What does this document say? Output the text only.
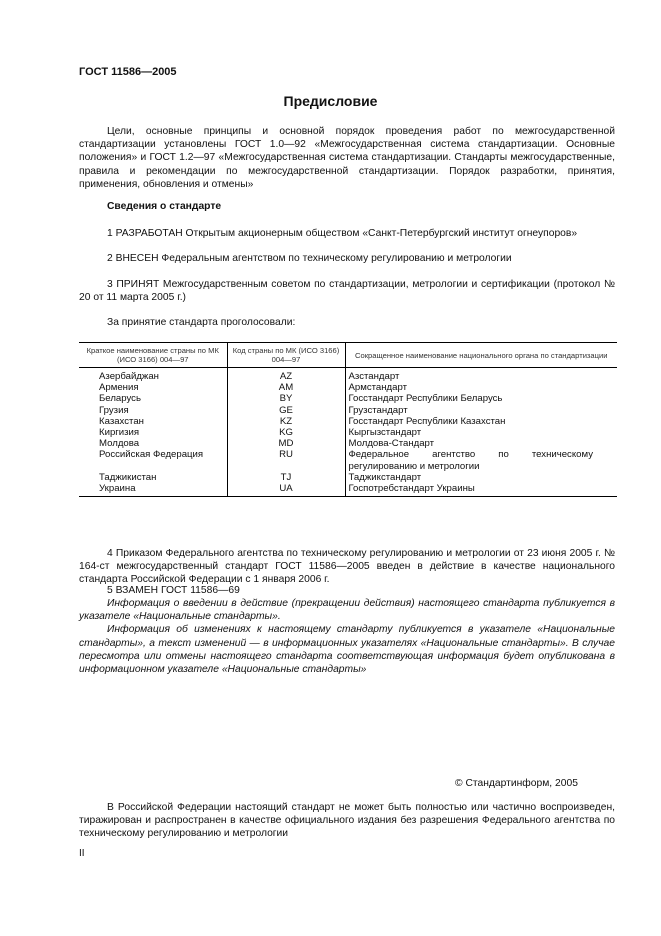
ГОСТ 11586—2005
Предисловие

Цели, основные принципы и основной порядок проведения работ по межгосударственной стандартизации установлены ГОСТ 1.0—92 «Межгосударственная система стандартизации. Основные положения» и ГОСТ 1.2—97 «Межгосударственная система стандартизации. Стандарты межгосударственные, правила и рекомендации по межгосударственной стандартизации. Порядок разработки, принятия, применения, обновления и отмены»

Сведения о стандарте

1 РАЗРАБОТАН Открытым акционерным обществом «Санкт-Петербургский институт огнеупоров»

2 ВНЕСЕН Федеральным агентством по техническому регулированию и метрологии

3 ПРИНЯТ Межгосударственным советом по стандартизации, метрологии и сертификации (протокол № 20 от 11 марта 2005 г.)

За принятие стандарта проголосовали:
Краткое наименование страны по МК (ИСО 3166) 004—97	Код страны по МК (ИСО 3166) 004—97	Сокращенное наименование национального органа по стандартизации
Азербайджан	AZ	Азстандарт
Армения	AM	Армстандарт
Беларусь	BY	Госстандарт Республики Беларусь
Грузия	GE	Грузстандарт
Казахстан	KZ	Госстандарт Республики Казахстан
Киргизия	KG	Кыргызстандарт
Молдова	MD	Молдова-Стандарт
Российская Федерация	RU	Федеральное агентство по техническому регулированию и метрологии
Таджикистан	TJ	Таджикстандарт
Украина	UA	Госпотребстандарт Украины

4 Приказом Федерального агентства по техническому регулированию и метрологии от 23 июня 2005 г. № 164-ст межгосударственный стандарт ГОСТ 11586—2005 введен в действие в качестве национального стандарта Российской Федерации с 1 января 2006 г.

5 ВЗАМЕН ГОСТ 11586—69

Информация о введении в действие (прекращении действия) настоящего стандарта публикуется в указателе «Национальные стандарты».

Информация об изменениях к настоящему стандарту публикуется в указателе «Национальные стандарты», а текст изменений — в информационных указателях «Национальные стандарты». В случае пересмотра или отмены настоящего стандарта соответствующая информация будет опубликована в информационном указателе «Национальные стандарты»

© Стандартинформ, 2005

В Российской Федерации настоящий стандарт не может быть полностью или частично воспроизведен, тиражирован и распространен в качестве официального издания без разрешения Федерального агентства по техническому регулированию и метрологии

II
